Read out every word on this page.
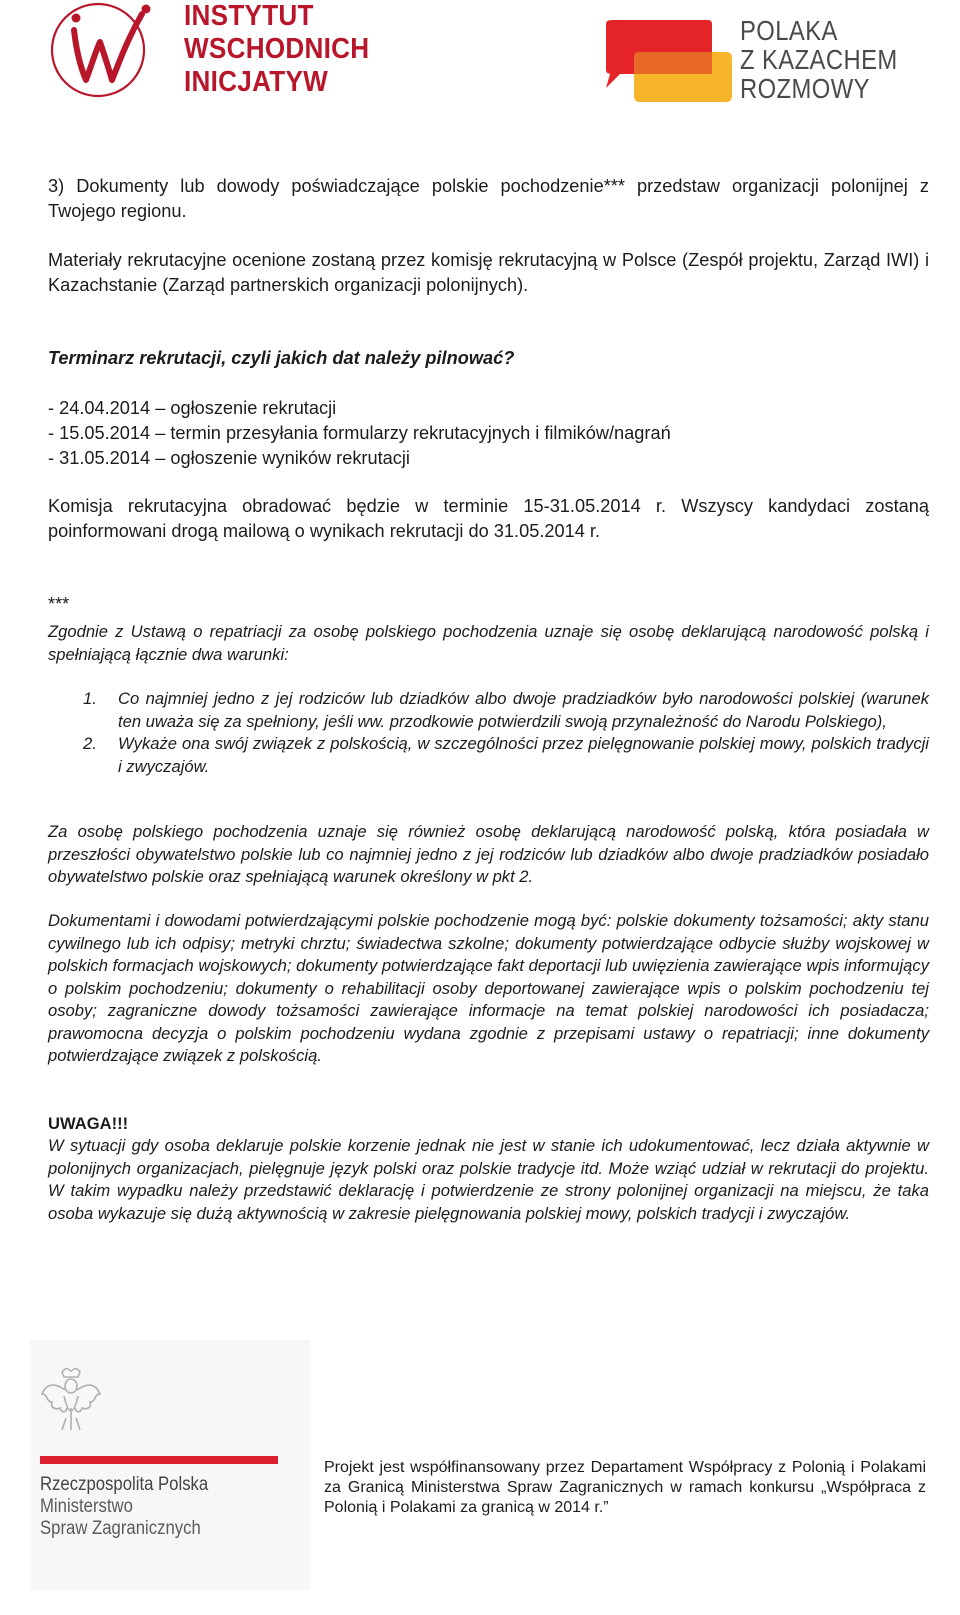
INSTYTUT
WSCHODNICH
INICJATYW
POLAKA
Z KAZACHEM
ROZMOWY
3) Dokumenty lub dowody poświadczające polskie pochodzenie*** przedstaw organizacji polonijnej z Twojego regionu.
Materiały rekrutacyjne ocenione zostaną przez komisję rekrutacyjną w Polsce (Zespół projektu, Zarząd IWI) i Kazachstanie (Zarząd partnerskich organizacji polonijnych).
Terminarz rekrutacji, czyli jakich dat należy pilnować?
- 24.04.2014 – ogłoszenie rekrutacji
- 15.05.2014 – termin przesyłania formularzy rekrutacyjnych i filmików/nagrań
- 31.05.2014 – ogłoszenie wyników rekrutacji
Komisja rekrutacyjna obradować będzie w terminie 15-31.05.2014 r. Wszyscy kandydaci zostaną poinformowani drogą mailową o wynikach rekrutacji do 31.05.2014 r.
***
Zgodnie z Ustawą o repatriacji za osobę polskiego pochodzenia uznaje się osobę deklarującą narodowość polską i spełniającą łącznie dwa warunki:
1. Co najmniej jedno z jej rodziców lub dziadków albo dwoje pradziadków było narodowości polskiej (warunek ten uważa się za spełniony, jeśli ww. przodkowie potwierdzili swoją przynależność do Narodu Polskiego),
2. Wykaże ona swój związek z polskością, w szczególności przez pielęgnowanie polskiej mowy, polskich tradycji i zwyczajów.
Za osobę polskiego pochodzenia uznaje się również osobę deklarującą narodowość polską, która posiadała w przeszłości obywatelstwo polskie lub co najmniej jedno z jej rodziców lub dziadków albo dwoje pradziadków posiadało obywatelstwo polskie oraz spełniającą warunek określony w pkt 2.
Dokumentami i dowodami potwierdzającymi polskie pochodzenie mogą być: polskie dokumenty tożsamości; akty stanu cywilnego lub ich odpisy; metryki chrztu; świadectwa szkolne; dokumenty potwierdzające odbycie służby wojskowej w polskich formacjach wojskowych; dokumenty potwierdzające fakt deportacji lub uwięzienia zawierające wpis informujący o polskim pochodzeniu; dokumenty o rehabilitacji osoby deportowanej zawierające wpis o polskim pochodzeniu tej osoby; zagraniczne dowody tożsamości zawierające informacje na temat polskiej narodowości ich posiadacza; prawomocna decyzja o polskim pochodzeniu wydana zgodnie z przepisami ustawy o repatriacji; inne dokumenty potwierdzające związek z polskością.
UWAGA!!!
W sytuacji gdy osoba deklaruje polskie korzenie jednak nie jest w stanie ich udokumentować, lecz działa aktywnie w polonijnych organizacjach, pielęgnuje język polski oraz polskie tradycje itd. Może wziąć udział w rekrutacji do projektu. W takim wypadku należy przedstawić deklarację i potwierdzenie ze strony polonijnej organizacji na miejscu, że taka osoba wykazuje się dużą aktywnością w zakresie pielęgnowania polskiej mowy, polskich tradycji i zwyczajów.
Rzeczpospolita Polska
Ministerstwo
Spraw Zagranicznych
Projekt jest współfinansowany przez Departament Współpracy z Polonią i Polakami za Granicą Ministerstwa Spraw Zagranicznych w ramach konkursu „Współpraca z Polonią i Polakami za granicą w 2014 r.”
